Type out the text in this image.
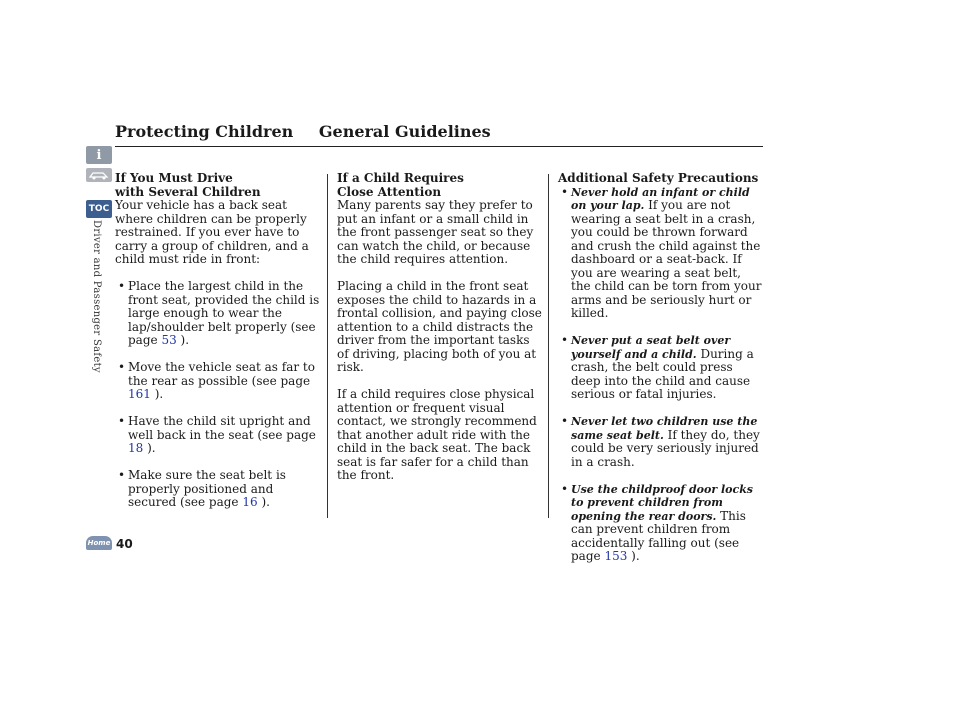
Protecting Children General Guidelines
i
TOC
Driver and Passenger Safety
If You Must Drive
with Several Children

Your vehicle has a back seat where children can be properly restrained. If you ever have to carry a group of children, and a child must ride in front:

• Place the largest child in the front seat, provided the child is large enough to wear the lap/shoulder belt properly (see page 53 ).
• Move the vehicle seat as far to the rear as possible (see page 161 ).
• Have the child sit upright and well back in the seat (see page 18 ).
• Make sure the seat belt is properly positioned and secured (see page 16 ).
If a Child Requires
Close Attention

Many parents say they prefer to put an infant or a small child in the front passenger seat so they can watch the child, or because the child requires attention.

Placing a child in the front seat exposes the child to hazards in a frontal collision, and paying close attention to a child distracts the driver from the important tasks of driving, placing both of you at risk.

If a child requires close physical attention or frequent visual contact, we strongly recommend that another adult ride with the child in the back seat. The back seat is far safer for a child than the front.

Additional Safety Precautions
• Never hold an infant or child on your lap. If you are not wearing a seat belt in a crash, you could be thrown forward and crush the child against the dashboard or a seat-back. If you are wearing a seat belt, the child can be torn from your arms and be seriously hurt or killed.
• Never put a seat belt over yourself and a child. During a crash, the belt could press deep into the child and cause serious or fatal injuries.
• Never let two children use the same seat belt. If they do, they could be very seriously injured in a crash.
• Use the childproof door locks to prevent children from opening the rear doors. This can prevent children from accidentally falling out (see page 153 ).
Home 40
